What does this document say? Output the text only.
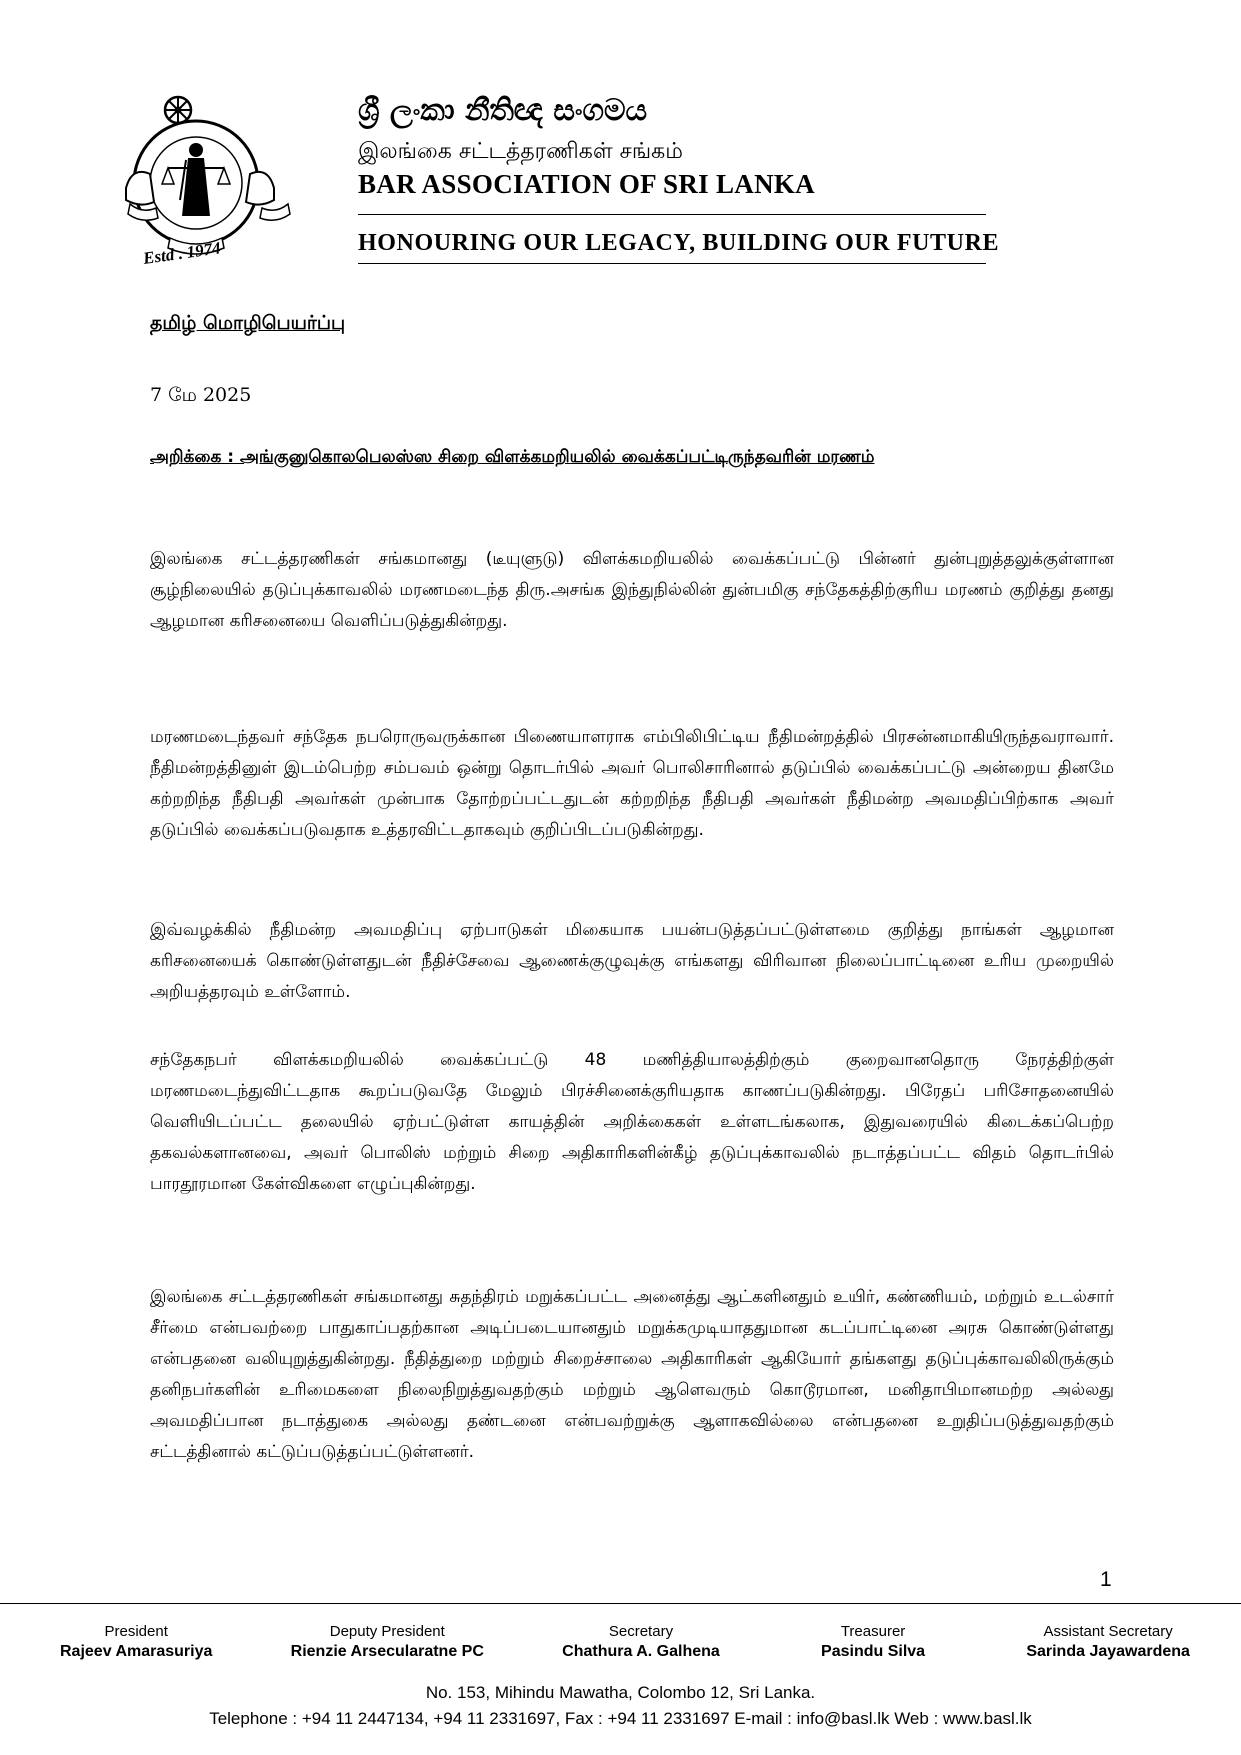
Estd . 1974
ශ්‍රී ලංකා නීතිඥ සංගමය
இலங்கை சட்டத்தரணிகள் சங்கம்
BAR ASSOCIATION OF SRI LANKA
HONOURING OUR LEGACY, BUILDING OUR FUTURE
தமிழ் மொழிபெயர்ப்பு
7 மே 2025
அறிக்கை : அங்குனுகொலபெலஸ்ஸ சிறை விளக்கமறியலில் வைக்கப்பட்டிருந்தவரின் மரணம்

இலங்கை சட்டத்தரணிகள் சங்கமானது (டீயுளுடு) விளக்கமறியலில் வைக்கப்பட்டு பின்னர் துன்புறுத்தலுக்குள்ளான சூழ்நிலையில் தடுப்புக்காவலில் மரணமடைந்த திரு.அசங்க இந்துநில்லின் துன்பமிகு சந்தேகத்திற்குரிய மரணம் குறித்து தனது ஆழமான கரிசனையை வெளிப்படுத்துகின்றது.

மரணமடைந்தவர் சந்தேக நபரொருவருக்கான பிணையாளராக எம்பிலிபிட்டிய நீதிமன்றத்தில் பிரசன்னமாகியிருந்தவராவார். நீதிமன்றத்தினுள் இடம்பெற்ற சம்பவம் ஒன்று தொடர்பில் அவர் பொலிசாரினால் தடுப்பில் வைக்கப்பட்டு அன்றைய தினமே கற்றறிந்த நீதிபதி அவர்கள் முன்பாக தோற்றப்பட்டதுடன் கற்றறிந்த நீதிபதி அவர்கள் நீதிமன்ற அவமதிப்பிற்காக அவர் தடுப்பில் வைக்கப்படுவதாக உத்தரவிட்டதாகவும் குறிப்பிடப்படுகின்றது.

இவ்வழக்கில் நீதிமன்ற அவமதிப்பு ஏற்பாடுகள் மிகையாக பயன்படுத்தப்பட்டுள்ளமை குறித்து நாங்கள் ஆழமான கரிசனையைக் கொண்டுள்ளதுடன் நீதிச்சேவை ஆணைக்குழுவுக்கு எங்களது விரிவான நிலைப்பாட்டினை உரிய முறையில் அறியத்தரவும் உள்ளோம்.

சந்தேகநபர் விளக்கமறியலில் வைக்கப்பட்டு 48 மணித்தியாலத்திற்கும் குறைவானதொரு நேரத்திற்குள் மரணமடைந்துவிட்டதாக கூறப்படுவதே மேலும் பிரச்சினைக்குரியதாக காணப்படுகின்றது. பிரேதப் பரிசோதனையில் வெளியிடப்பட்ட தலையில் ஏற்பட்டுள்ள காயத்தின் அறிக்கைகள் உள்ளடங்கலாக, இதுவரையில் கிடைக்கப்பெற்ற தகவல்களானவை, அவர் பொலிஸ் மற்றும் சிறை அதிகாரிகளின்கீழ் தடுப்புக்காவலில் நடாத்தப்பட்ட விதம் தொடர்பில் பாரதூரமான கேள்விகளை எழுப்புகின்றது.

இலங்கை சட்டத்தரணிகள் சங்கமானது சுதந்திரம் மறுக்கப்பட்ட அனைத்து ஆட்களினதும் உயிர், கண்ணியம், மற்றும் உடல்சார் சீர்மை என்பவற்றை பாதுகாப்பதற்கான அடிப்படையானதும் மறுக்கமுடியாததுமான கடப்பாட்டினை அரசு கொண்டுள்ளது என்பதனை வலியுறுத்துகின்றது. நீதித்துறை மற்றும் சிறைச்சாலை அதிகாரிகள் ஆகியோர் தங்களது தடுப்புக்காவலிலிருக்கும் தனிநபர்களின் உரிமைகளை நிலைநிறுத்துவதற்கும் மற்றும் ஆளெவரும் கொடூரமான, மனிதாபிமானமற்ற அல்லது அவமதிப்பான நடாத்துகை அல்லது தண்டனை என்பவற்றுக்கு ஆளாகவில்லை என்பதனை உறுதிப்படுத்துவதற்கும் சட்டத்தினால் கட்டுப்படுத்தப்பட்டுள்ளனர்.

1
President
Rajeev Amarasuriya
Deputy President
Rienzie Arsecularatne PC
Secretary
Chathura A. Galhena
Treasurer
Pasindu Silva
Assistant Secretary
Sarinda Jayawardena
No. 153, Mihindu Mawatha, Colombo 12, Sri Lanka.
Telephone : +94 11 2447134, +94 11 2331697, Fax : +94 11 2331697 E-mail : info@basl.lk Web : www.basl.lk
